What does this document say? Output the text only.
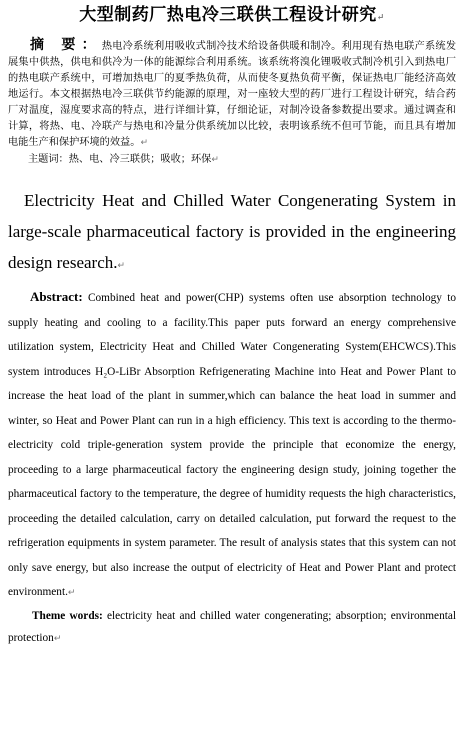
大型制药厂热电冷三联供工程设计研究↵

摘 要：热电冷系统利用吸收式制冷技术给设备供暖和制冷。利用现有热电联产系统发展集中供热，供电和供冷为一体的能源综合利用系统。该系统将溴化锂吸收式制冷机引入到热电厂的热电联产系统中，可增加热电厂的夏季热负荷，从而使冬夏热负荷平衡，保证热电厂能经济高效地运行。本文根据热电冷三联供节约能源的原理，对一座较大型的药厂进行工程设计研究，结合药厂对温度，湿度要求高的特点，进行详细计算，仔细论证，对制冷设备参数提出要求。通过调查和计算，将热、电、冷联产与热电和冷量分供系统加以比较，表明该系统不但可节能，而且具有增加电能生产和保护环境的效益。↵

主题词：热、电、冷三联供；吸收；环保↵

Electricity Heat and Chilled Water Congenerating System in large-scale pharmaceutical factory is provided in the engineering design research.↵

Abstract: Combined heat and power(CHP) systems often use absorption technology to supply heating and cooling to a facility.This paper puts forward an energy comprehensive utilization system, Electricity Heat and Chilled Water Congenerating System(EHCWCS).This system introduces H₂O-LiBr Absorption Refrigenerating Machine into Heat and Power Plant to increase the heat load of the plant in summer,which can balance the heat load in summer and winter, so Heat and Power Plant can run in a high efficiency. This text is according to the thermo-electricity cold triple-generation system provide the principle that economize the energy, proceeding to a large pharmaceutical factory the engineering design study, joining together the pharmaceutical factory to the temperature, the degree of humidity requests the high characteristics, proceeding the detailed calculation, carry on detailed calculation, put forward the request to the refrigeration equipments in system parameter. The result of analysis states that this system can not only save energy, but also increase the output of electricity of Heat and Power Plant and protect environment.↵

Theme words: electricity heat and chilled water congenerating; absorption; environmental protection↵
